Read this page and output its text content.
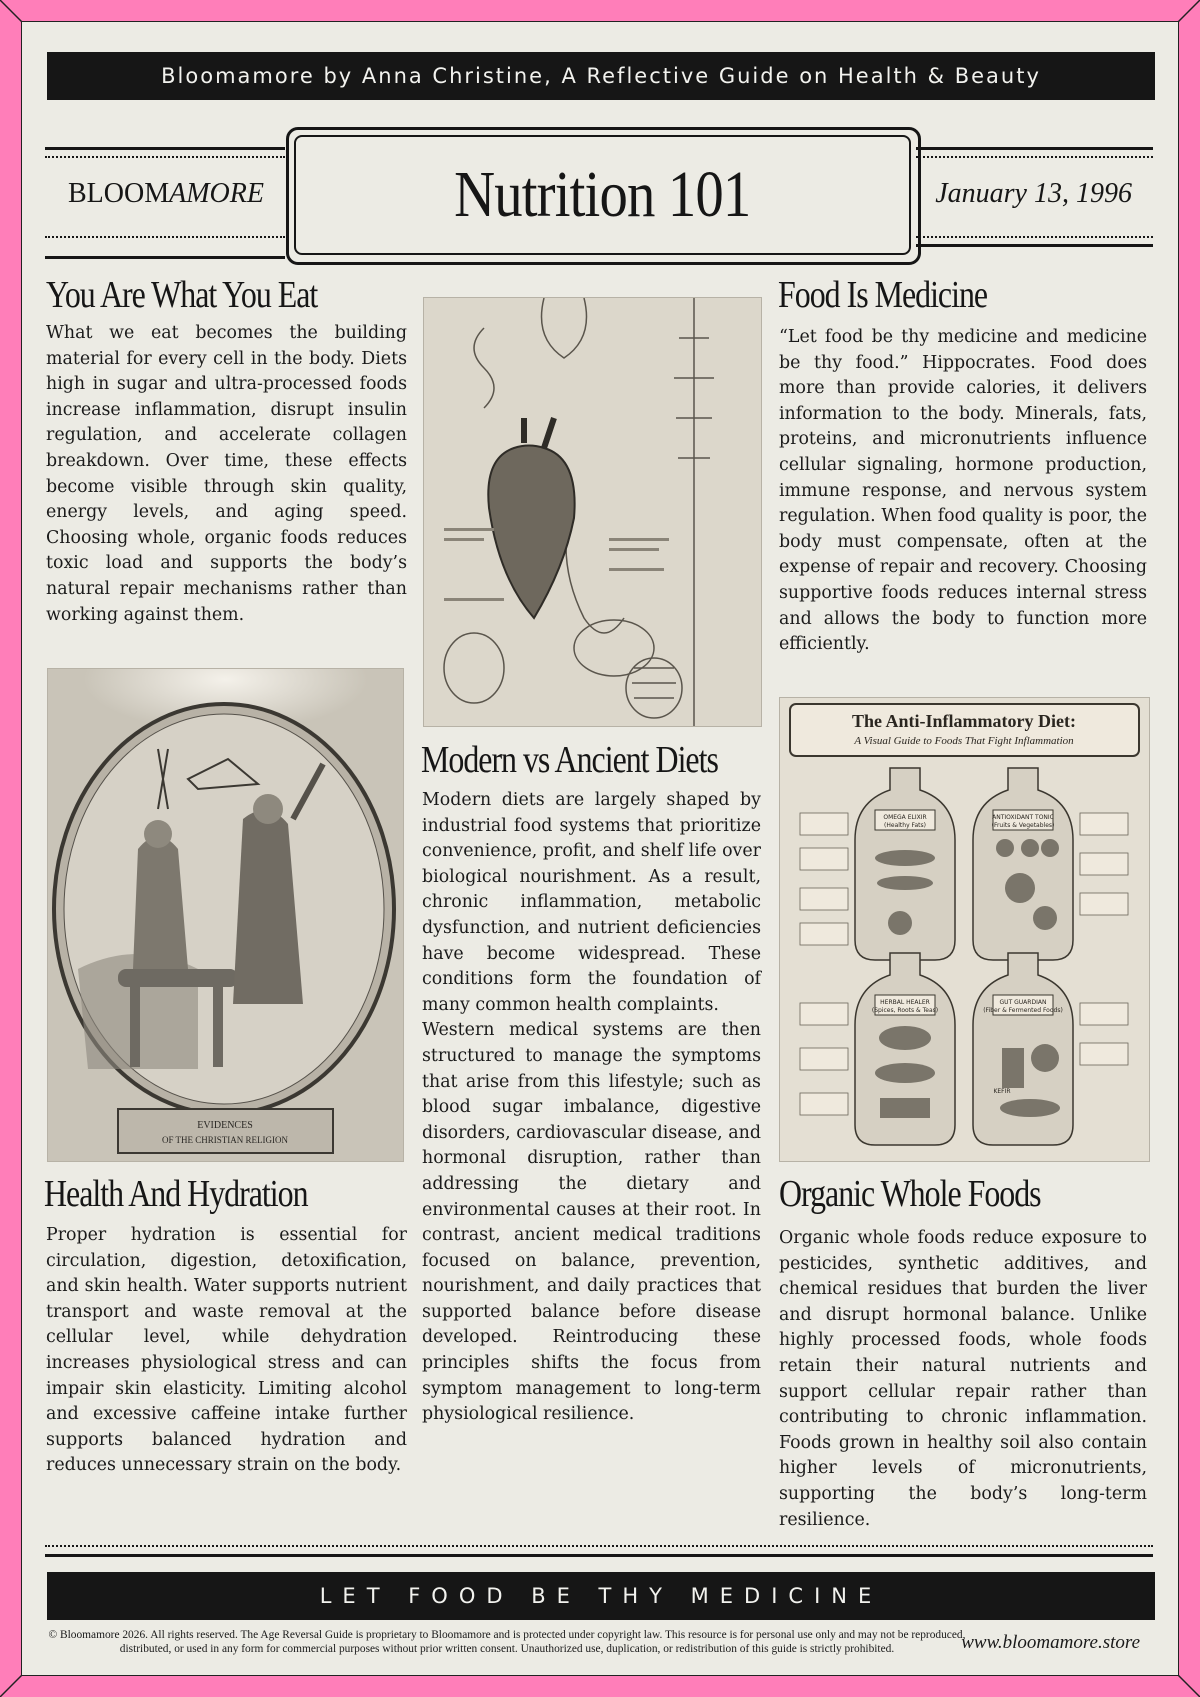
Bloomamore by Anna Christine, A Reflective Guide on Health & Beauty
BLOOMAMORE	Nutrition 101	January 13, 1996
You Are What You Eat
What we eat becomes the building material for every cell in the body. Diets high in sugar and ultra-processed foods increase inflammation, disrupt insulin regulation, and accelerate collagen breakdown. Over time, these effects become visible through skin quality, energy levels, and aging speed. Choosing whole, organic foods reduces toxic load and supports the body’s natural repair mechanisms rather than working against them.
EVIDENCES
OF THE CHRISTIAN RELIGION
Health And Hydration
Proper hydration is essential for circulation, digestion, detoxification, and skin health. Water supports nutrient transport and waste removal at the cellular level, while dehydration increases physiological stress and can impair skin elasticity. Limiting alcohol and excessive caffeine intake further supports balanced hydration and reduces unnecessary strain on the body.
Modern vs Ancient Diets

Modern diets are largely shaped by industrial food systems that prioritize convenience, profit, and shelf life over biological nourishment. As a result, chronic inflammation, metabolic dysfunction, and nutrient deficiencies have become widespread. These conditions form the foundation of many common health complaints.

Western medical systems are then structured to manage the symptoms that arise from this lifestyle; such as blood sugar imbalance, digestive disorders, cardiovascular disease, and hormonal disruption, rather than addressing the dietary and environmental causes at their root. In contrast, ancient medical traditions focused on balance, prevention, nourishment, and daily practices that supported balance before disease developed. Reintroducing these principles shifts the focus from symptom management to long-term physiological resilience.

Food Is Medicine
“Let food be thy medicine and medicine be thy food.” Hippocrates. Food does more than provide calories, it delivers information to the body. Minerals, fats, proteins, and micronutrients influence cellular signaling, hormone production, immune response, and nervous system regulation. When food quality is poor, the body must compensate, often at the expense of repair and recovery. Choosing supportive foods reduces internal stress and allows the body to function more efficiently.
The Anti-Inflammatory Diet:
A Visual Guide to Foods That Fight Inflammation
OMEGA ELIXIR
(Healthy Fats)
ANTIOXIDANT TONIC
(Fruits & Vegetables)
HERBAL HEALER
(Spices, Roots & Teas)
GUT GUARDIAN
(Fiber & Fermented Foods)
KEFIR
Organic Whole Foods
Organic whole foods reduce exposure to pesticides, synthetic additives, and chemical residues that burden the liver and disrupt hormonal balance. Unlike highly processed foods, whole foods retain their natural nutrients and support cellular repair rather than contributing to chronic inflammation. Foods grown in healthy soil also contain higher levels of micronutrients, supporting the body’s long-term resilience.
LET FOOD BE THY MEDICINE
© Bloomamore 2026. All rights reserved. The Age Reversal Guide is proprietary to Bloomamore and is protected under copyright law. This resource is for personal use only and may not be reproduced,
distributed, or used in any form for commercial purposes without prior written consent. Unauthorized use, duplication, or redistribution of this guide is strictly prohibited.	www.bloomamore.store
